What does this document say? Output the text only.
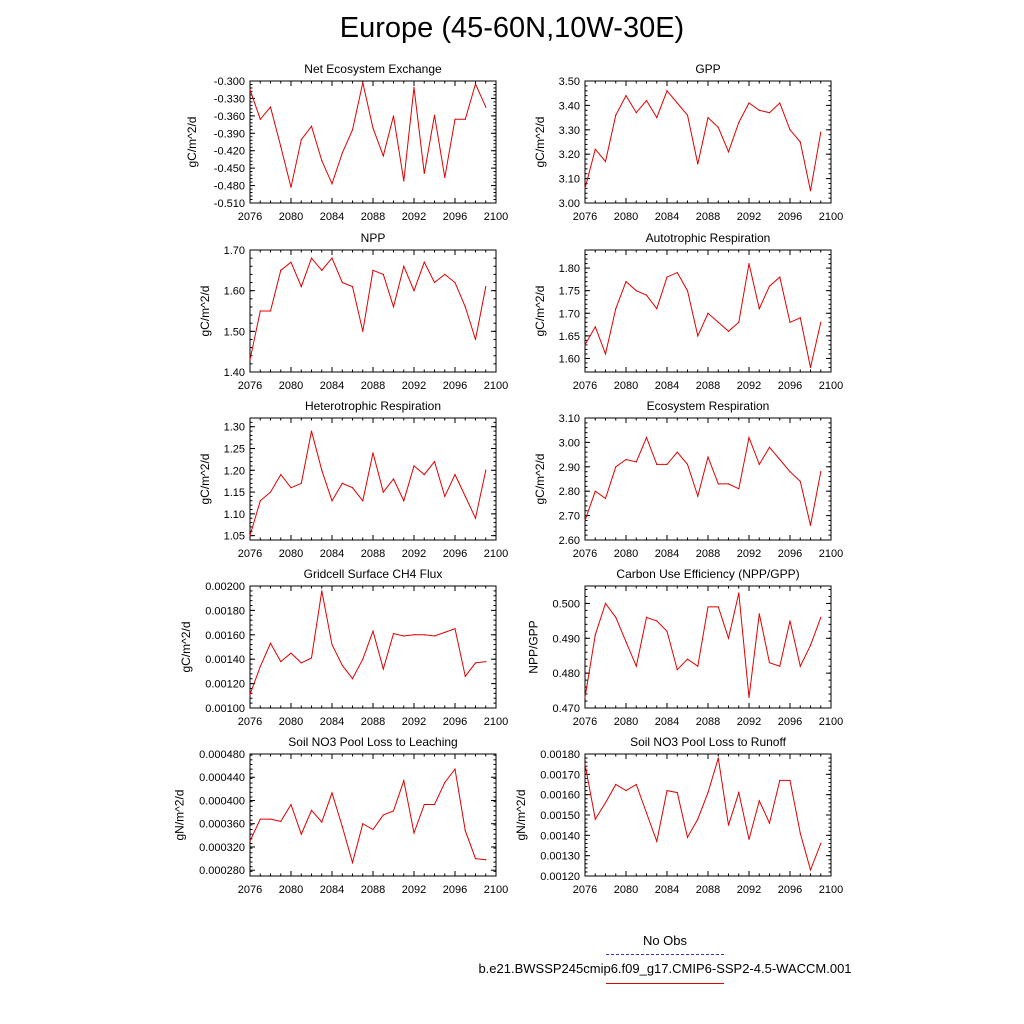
Europe (45-60N,10W-30E)
Net Ecosystem Exchange
2076 2080 2084 2088 2092 2096 2100
-0.300
-0.330
-0.360
-0.390
-0.420
-0.450
-0.480
-0.510
gC/m^2/d
GPP
2076 2080 2084 2088 2092 2096 2100
3.50
3.40
3.30
3.20
3.10
3.00
gC/m^2/d
NPP
2076 2080 2084 2088 2092 2096 2100
1.70
1.60
1.50
1.40
gC/m^2/d
Autotrophic Respiration
2076 2080 2084 2088 2092 2096 2100
1.80
1.75
1.70
1.65
1.60
gC/m^2/d
Heterotrophic Respiration
2076 2080 2084 2088 2092 2096 2100
1.30
1.25
1.20
1.15
1.10
1.05
gC/m^2/d
Ecosystem Respiration
2076 2080 2084 2088 2092 2096 2100
3.10
3.00
2.90
2.80
2.70
2.60
gC/m^2/d
Gridcell Surface CH4 Flux
2076 2080 2084 2088 2092 2096 2100
0.00200
0.00180
0.00160
0.00140
0.00120
0.00100
gC/m^2/d
Carbon Use Efficiency (NPP/GPP)
2076 2080 2084 2088 2092 2096 2100
0.500
0.490
0.480
0.470
NPP/GPP
Soil NO3 Pool Loss to Leaching
2076 2080 2084 2088 2092 2096 2100
0.000480
0.000440
0.000400
0.000360
0.000320
0.000280
gN/m^2/d
Soil NO3 Pool Loss to Runoff
2076 2080 2084 2088 2092 2096 2100
0.00180
0.00170
0.00160
0.00150
0.00140
0.00130
0.00120
gN/m^2/d
No Obs
b.e21.BWSSP245cmip6.f09_g17.CMIP6-SSP2-4.5-WACCM.001
